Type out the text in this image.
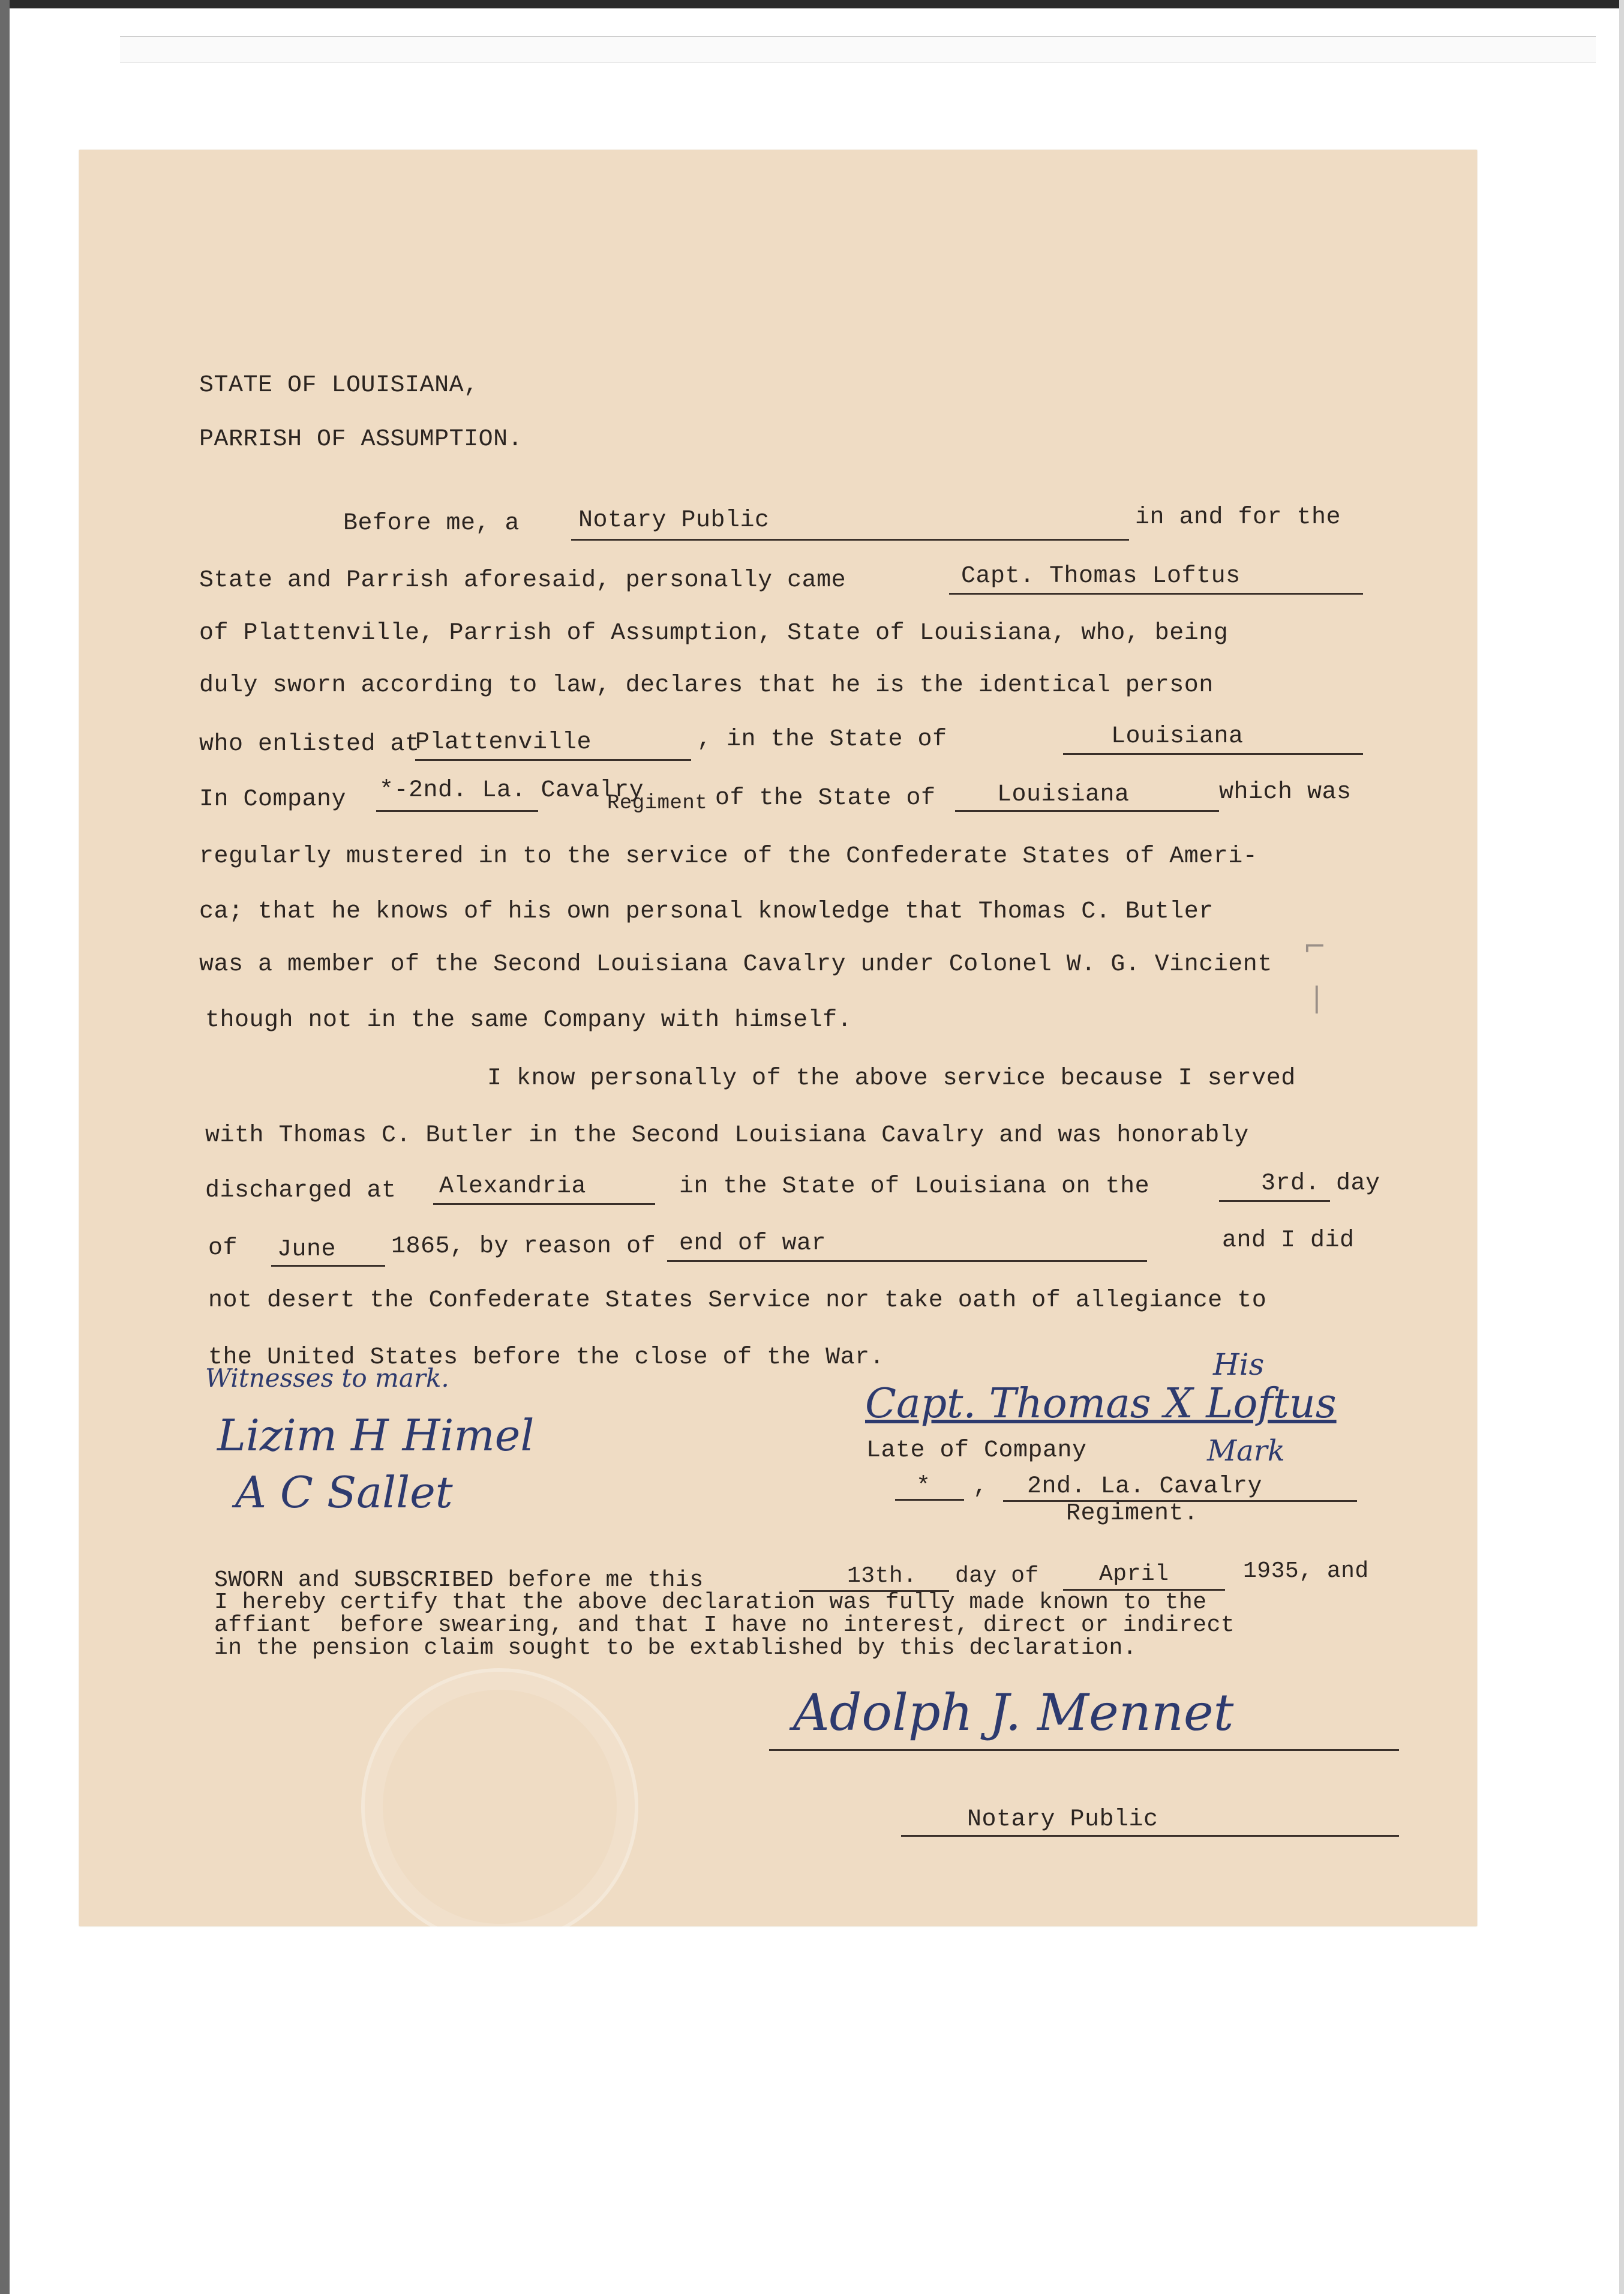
STATE OF LOUISIANA,
PARRISH OF ASSUMPTION.
Before me, a Notary Public	in and for the
State and Parrish aforesaid, personally came	Capt. Thomas Loftus
of Plattenville, Parrish of Assumption, State of Louisiana, who, being
duly sworn according to law, declares that he is the identical person
who enlisted at
Plattenville	, in the State of	Louisiana
In Company *-2nd. La. Cavalry
Regiment of the State of Louisiana	which was
regularly mustered in to the service of the Confederate States of Ameri-
ca; that he knows of his own personal knowledge that Thomas C. Butler
was a member of the Second Louisiana Cavalry under Colonel W. G. Vincient
though not in the same Company with himself.
I know personally of the above service because I served
with Thomas C. Butler in the Second Louisiana Cavalry and was honorably
discharged at Alexandria	in the State of Louisiana on the	3rd. day
of June 1865, by reason of end of war	and I did
not desert the Confederate States Service nor take oath of allegiance to
the United States before the close of the War.
Witnesses to mark.
Lizim H Himel
A C Sallet
His
Capt. Thomas X Loftus
Late of Company	Mark
* , 2nd. La. Cavalry
Regiment.
SWORN and SUBSCRIBED before me this	13th. day of April	1935, and
I hereby certify that the above declaration was fully made known to the
affiant  before swearing, and that I have no interest, direct or indirect
in the pension claim sought to be extablished by this declaration.
Adolph J. Mennet
Notary Public
⌐
|
